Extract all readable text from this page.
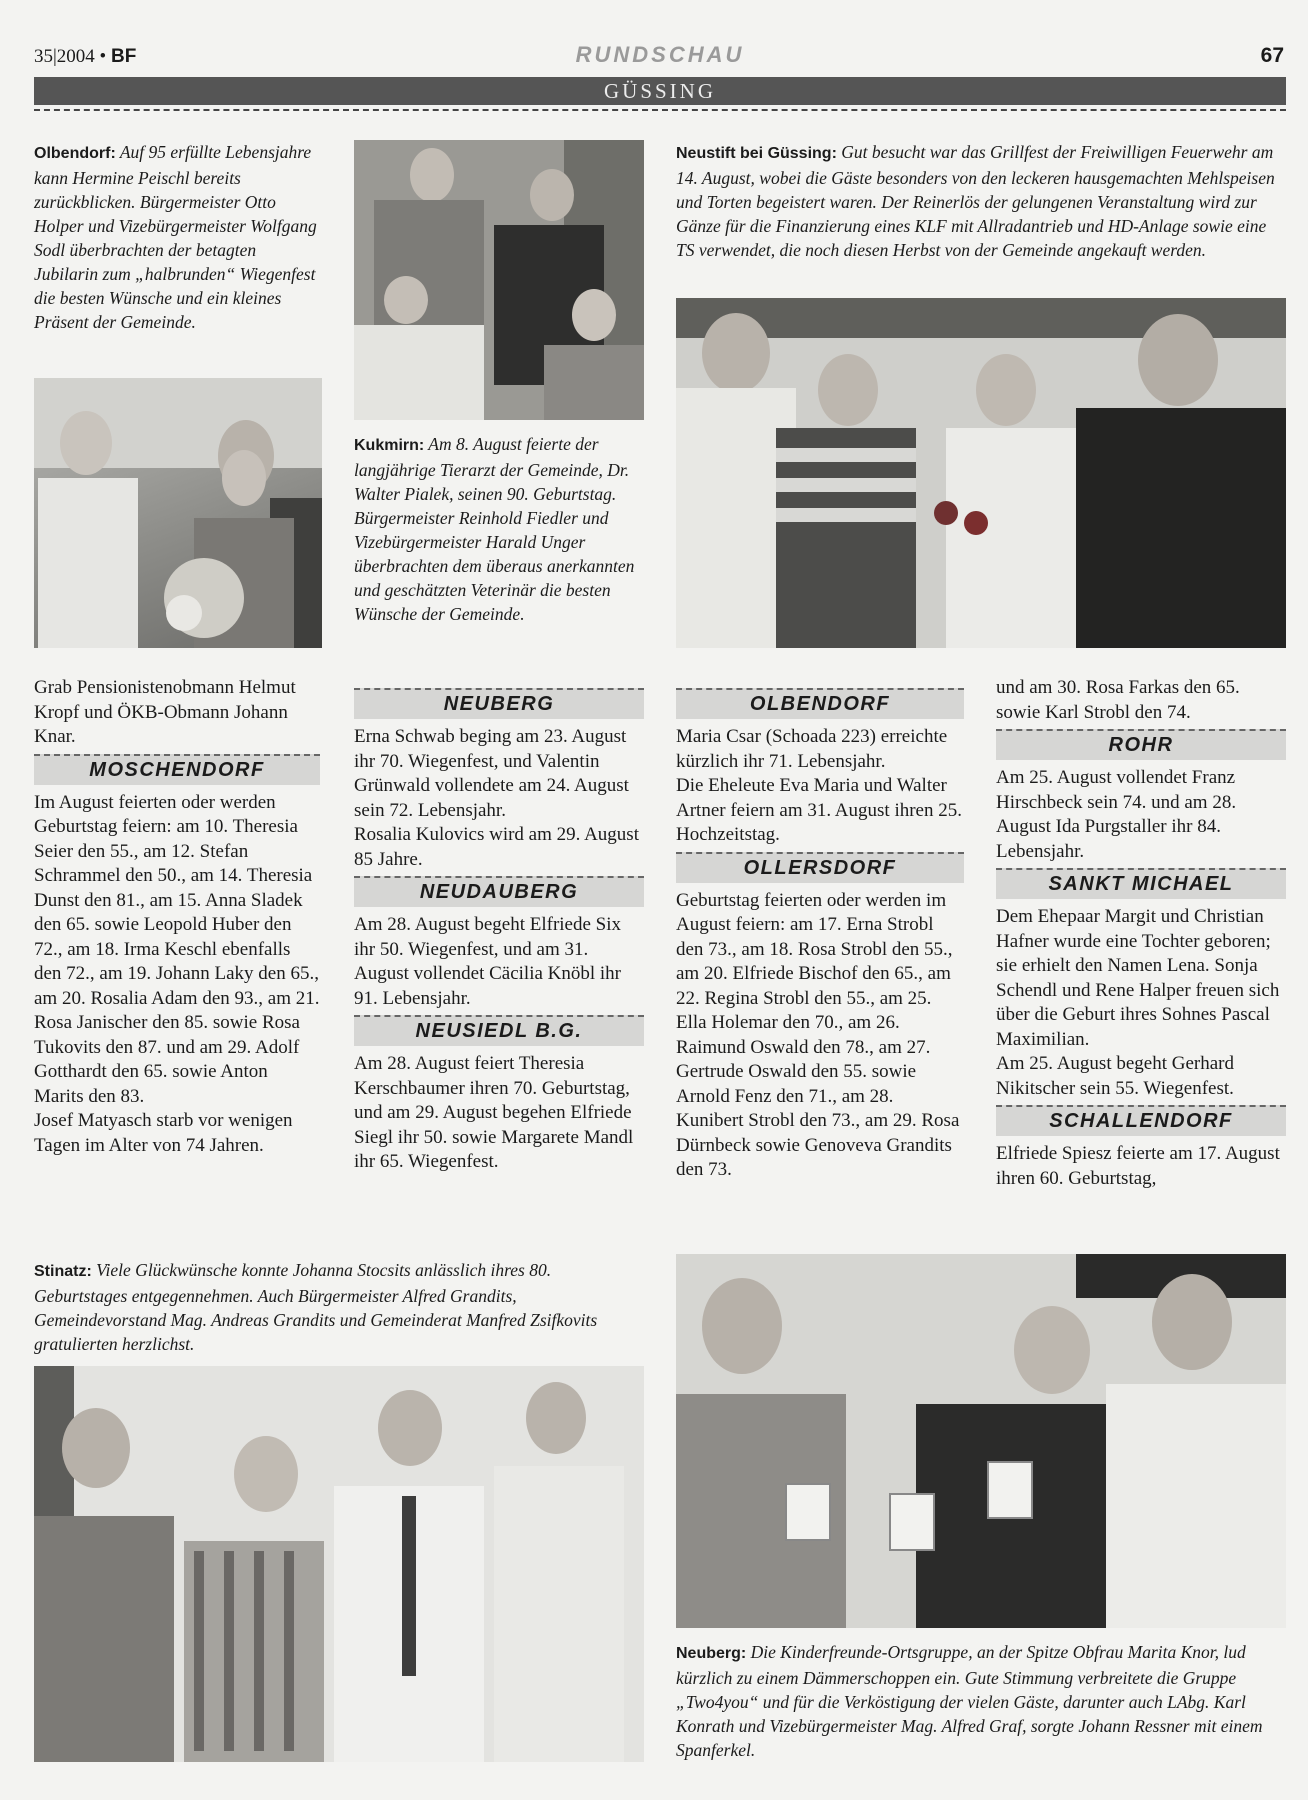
35|2004 • BF	RUNDSCHAU	67
GÜSSING
Olbendorf: Auf 95 erfüllte Lebensjahre kann Hermine Peischl bereits zurückblicken. Bürgermeister Otto Holper und Vizebürgermeister Wolfgang Sodl überbrachten der betagten Jubilarin zum „halbrunden“ Wiegenfest die besten Wünsche und ein kleines Präsent der Gemeinde.
Kukmirn: Am 8. August feierte der langjährige Tierarzt der Gemeinde, Dr. Walter Pialek, seinen 90. Geburtstag. Bürgermeister Reinhold Fiedler und Vizebürgermeister Harald Unger überbrachten dem überaus anerkannten und geschätzten Veterinär die besten Wünsche der Gemeinde.
Neustift bei Güssing: Gut besucht war das Grillfest der Freiwilligen Feuerwehr am 14. August, wobei die Gäste besonders von den leckeren hausgemachten Mehlspeisen und Torten begeistert waren. Der Reinerlös der gelungenen Veranstaltung wird zur Gänze für die Finanzierung eines KLF mit Allradantrieb und HD-Anlage sowie eine TS verwendet, die noch diesen Herbst von der Gemeinde angekauft werden.

Grab Pensionistenobmann Helmut Kropf und ÖKB-Obmann Johann Knar.

MOSCHENDORF

Im August feierten oder werden Geburtstag feiern: am 10. Theresia Seier den 55., am 12. Stefan Schrammel den 50., am 14. Theresia Dunst den 81., am 15. Anna Sladek den 65. sowie Leopold Huber den 72., am 18. Irma Keschl ebenfalls den 72., am 19. Johann Laky den 65., am 20. Rosalia Adam den 93., am 21. Rosa Janischer den 85. sowie Rosa Tukovits den 87. und am 29. Adolf Gotthardt den 65. sowie Anton Marits den 83.

Josef Matyasch starb vor wenigen Tagen im Alter von 74 Jahren.

NEUBERG

Erna Schwab beging am 23. August ihr 70. Wiegenfest, und Valentin Grünwald vollendete am 24. August sein 72. Lebensjahr.

Rosalia Kulovics wird am 29. August 85 Jahre.

NEUDAUBERG

Am 28. August begeht Elfriede Six ihr 50. Wiegenfest, und am 31. August vollendet Cäcilia Knöbl ihr 91. Lebensjahr.

NEUSIEDL B.G.

Am 28. August feiert Theresia Kerschbaumer ihren 70. Geburtstag, und am 29. August begehen Elfriede Siegl ihr 50. sowie Margarete Mandl ihr 65. Wiegenfest.

OLBENDORF

Maria Csar (Schoada 223) erreichte kürzlich ihr 71. Lebensjahr.

Die Eheleute Eva Maria und Walter Artner feiern am 31. August ihren 25. Hochzeitstag.

OLLERSDORF

Geburtstag feierten oder werden im August feiern: am 17. Erna Strobl den 73., am 18. Rosa Strobl den 55., am 20. Elfriede Bischof den 65., am 22. Regina Strobl den 55., am 25. Ella Holemar den 70., am 26. Raimund Oswald den 78., am 27. Gertrude Oswald den 55. sowie Arnold Fenz den 71., am 28. Kunibert Strobl den 73., am 29. Rosa Dürnbeck sowie Genoveva Grandits den 73.

und am 30. Rosa Farkas den 65. sowie Karl Strobl den 74.

ROHR

Am 25. August vollendet Franz Hirschbeck sein 74. und am 28. August Ida Purgstaller ihr 84. Lebensjahr.

SANKT MICHAEL

Dem Ehepaar Margit und Christian Hafner wurde eine Tochter geboren; sie erhielt den Namen Lena. Sonja Schendl und Rene Halper freuen sich über die Geburt ihres Sohnes Pascal Maximilian.

Am 25. August begeht Gerhard Nikitscher sein 55. Wiegenfest.

SCHALLENDORF

Elfriede Spiesz feierte am 17. August ihren 60. Geburtstag,

Stinatz: Viele Glückwünsche konnte Johanna Stocsits anlässlich ihres 80. Geburtstages entgegennehmen. Auch Bürgermeister Alfred Grandits, Gemeindevorstand Mag. Andreas Grandits und Gemeinderat Manfred Zsifkovits gratulierten herzlichst.
Neuberg: Die Kinderfreunde-Ortsgruppe, an der Spitze Obfrau Marita Knor, lud kürzlich zu einem Dämmerschoppen ein. Gute Stimmung verbreitete die Gruppe „Two4you“ und für die Verköstigung der vielen Gäste, darunter auch LAbg. Karl Konrath und Vizebürgermeister Mag. Alfred Graf, sorgte Johann Ressner mit einem Spanferkel.
